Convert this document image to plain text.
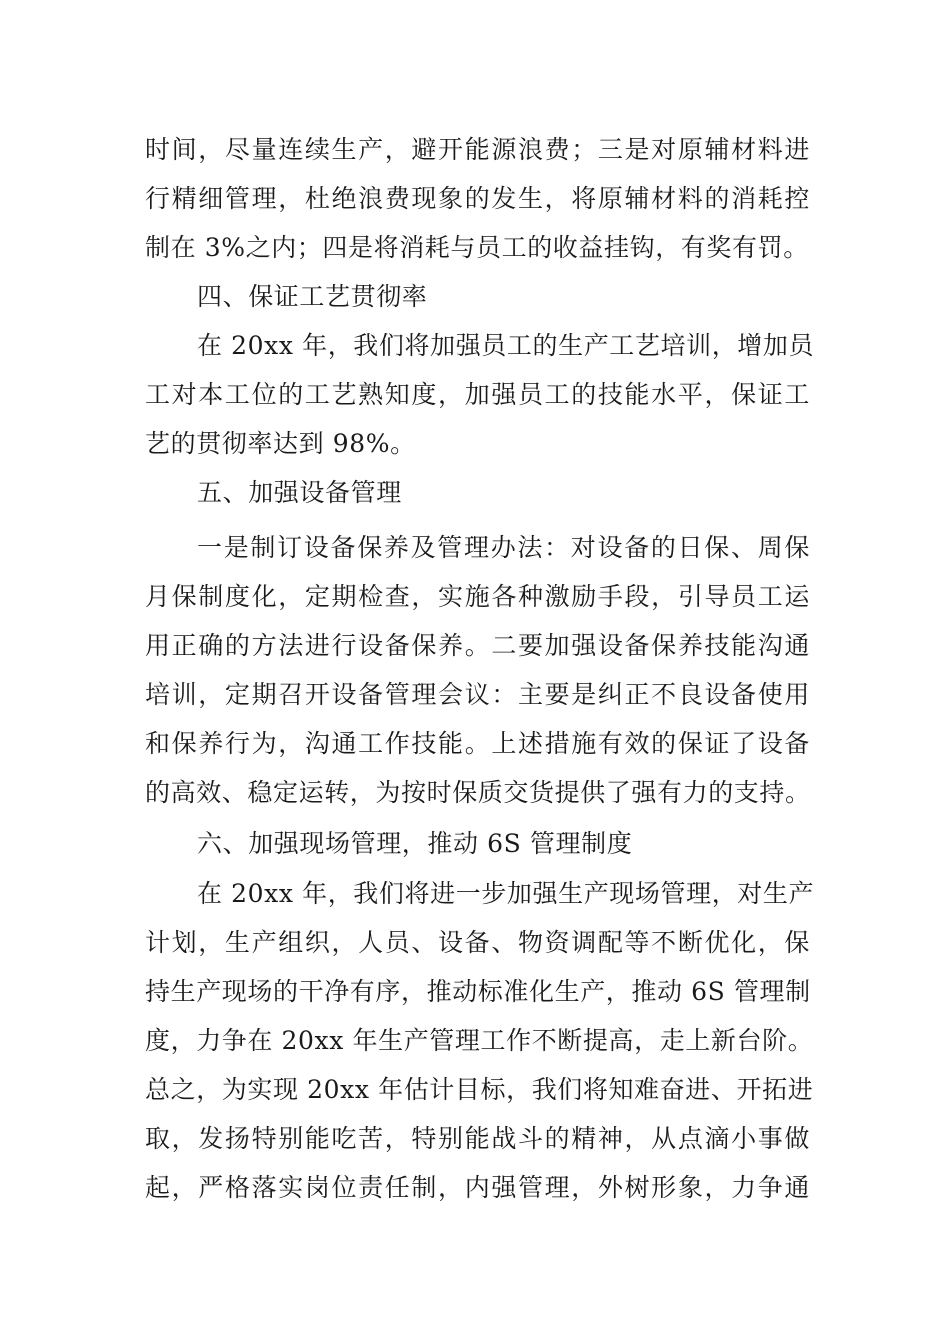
时间，尽量连续生产，避开能源浪费；三是对原辅材料进
行精细管理，杜绝浪费现象的发生，将原辅材料的消耗控
制在 3%之内；四是将消耗与员工的收益挂钩，有奖有罚。
四、保证工艺贯彻率
在 20xx 年，我们将加强员工的生产工艺培训，增加员
工对本工位的工艺熟知度，加强员工的技能水平，保证工
艺的贯彻率达到 98%。
五、加强设备管理
一是制订设备保养及管理办法：对设备的日保、周保
月保制度化，定期检查，实施各种激励手段，引导员工运
用正确的方法进行设备保养。二要加强设备保养技能沟通
培训，定期召开设备管理会议：主要是纠正不良设备使用
和保养行为，沟通工作技能。上述措施有效的保证了设备
的高效、稳定运转，为按时保质交货提供了强有力的支持。
六、加强现场管理，推动 6S 管理制度
在 20xx 年，我们将进一步加强生产现场管理，对生产
计划，生产组织，人员、设备、物资调配等不断优化，保
持生产现场的干净有序，推动标准化生产，推动 6S 管理制
度，力争在 20xx 年生产管理工作不断提高，走上新台阶。
总之，为实现 20xx 年估计目标，我们将知难奋进、开拓进
取，发扬特别能吃苦，特别能战斗的精神，从点滴小事做
起，严格落实岗位责任制，内强管理，外树形象，力争通
